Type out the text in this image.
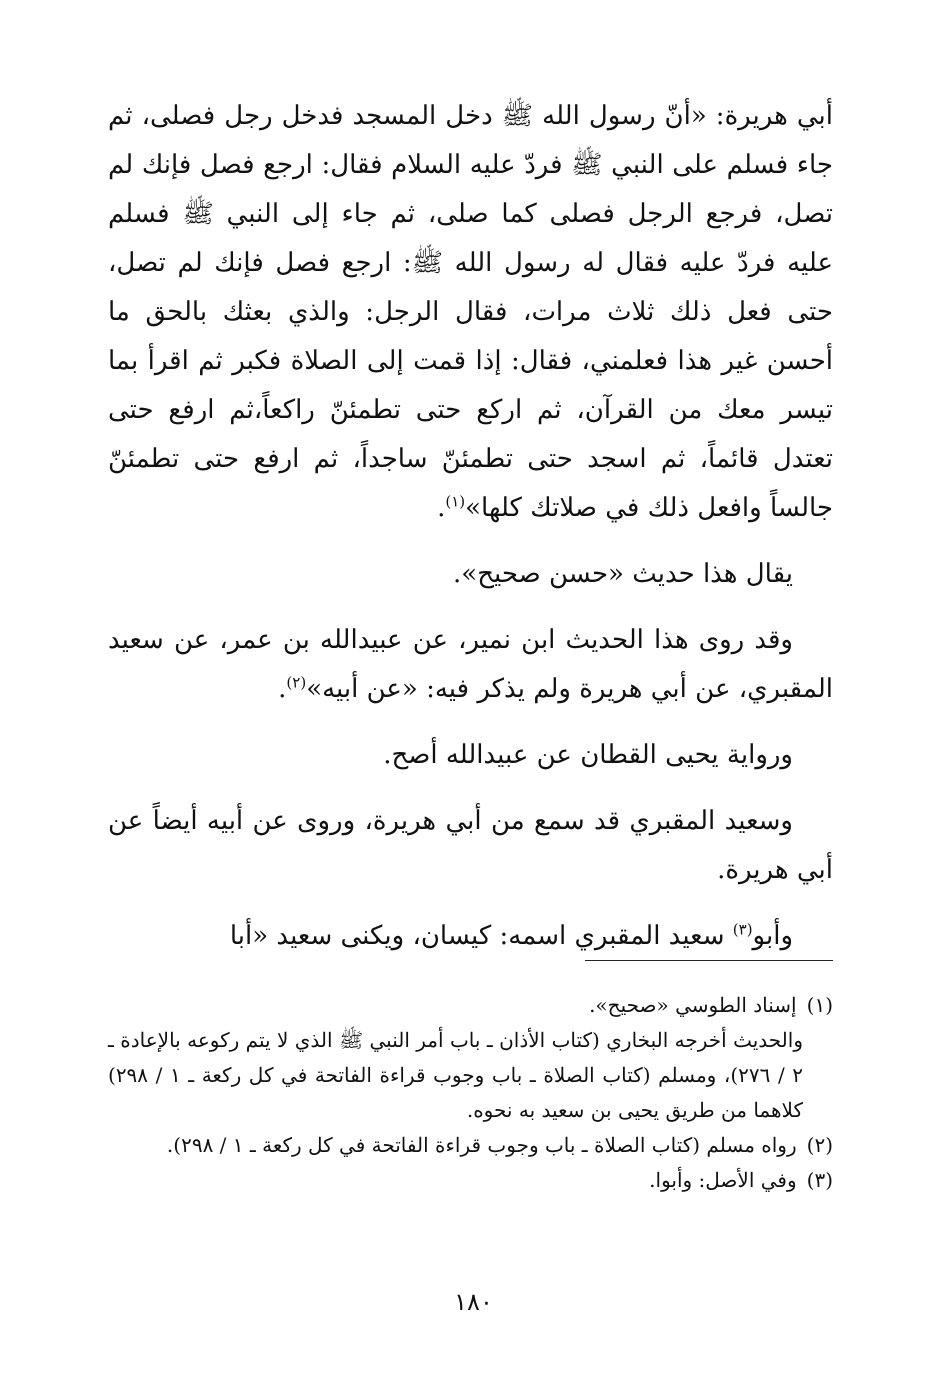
أبي هريرة: «أنّ رسول الله ﷺ دخل المسجد فدخل رجل فصلى، ثم جاء فسلم على النبي ﷺ فردّ عليه السلام فقال: ارجع فصل فإنك لم تصل، فرجع الرجل فصلى كما صلى، ثم جاء إلى النبي ﷺ فسلم عليه فردّ عليه فقال له رسول الله ﷺ: ارجع فصل فإنك لم تصل، حتى فعل ذلك ثلاث مرات، فقال الرجل: والذي بعثك بالحق ما أحسن غير هذا فعلمني، فقال: إذا قمت إلى الصلاة فكبر ثم اقرأ بما تيسر معك من القرآن، ثم اركع حتى تطمئنّ راكعاً،ثم ارفع حتى تعتدل قائماً، ثم اسجد حتى تطمئنّ ساجداً، ثم ارفع حتى تطمئنّ جالساً وافعل ذلك في صلاتك كلها»$^{(١)}$.

يقال هذا حديث «حسن صحيح».

وقد روى هذا الحديث ابن نمير، عن عبيدالله بن عمر، عن سعيد المقبري، عن أبي هريرة ولم يذكر فيه: «عن أبيه»$^{(٢)}$.

ورواية يحيى القطان عن عبيدالله أصح.

وسعيد المقبري قد سمع من أبي هريرة، وروى عن أبيه أيضاً عن أبي هريرة.

وأبو$^{(٣)}$ سعيد المقبري اسمه: كيسان، ويكنى سعيد «أبا

(١)إسناد الطوسي «صحيح».

والحديث أخرجه البخاري (كتاب الأذان ـ باب أمر النبي ﷺ الذي لا يتم ركوعه بالإعادة ـ ٢ / ٢٧٦)، ومسلم (كتاب الصلاة ـ باب وجوب قراءة الفاتحة في كل ركعة ـ ١ / ٢٩٨) كلاهما من طريق يحيى بن سعيد به نحوه.

(٢)رواه مسلم (كتاب الصلاة ـ باب وجوب قراءة الفاتحة في كل ركعة ـ ١ / ٢٩٨).

(٣)وفي الأصل: وأبوا.

١٨٠
